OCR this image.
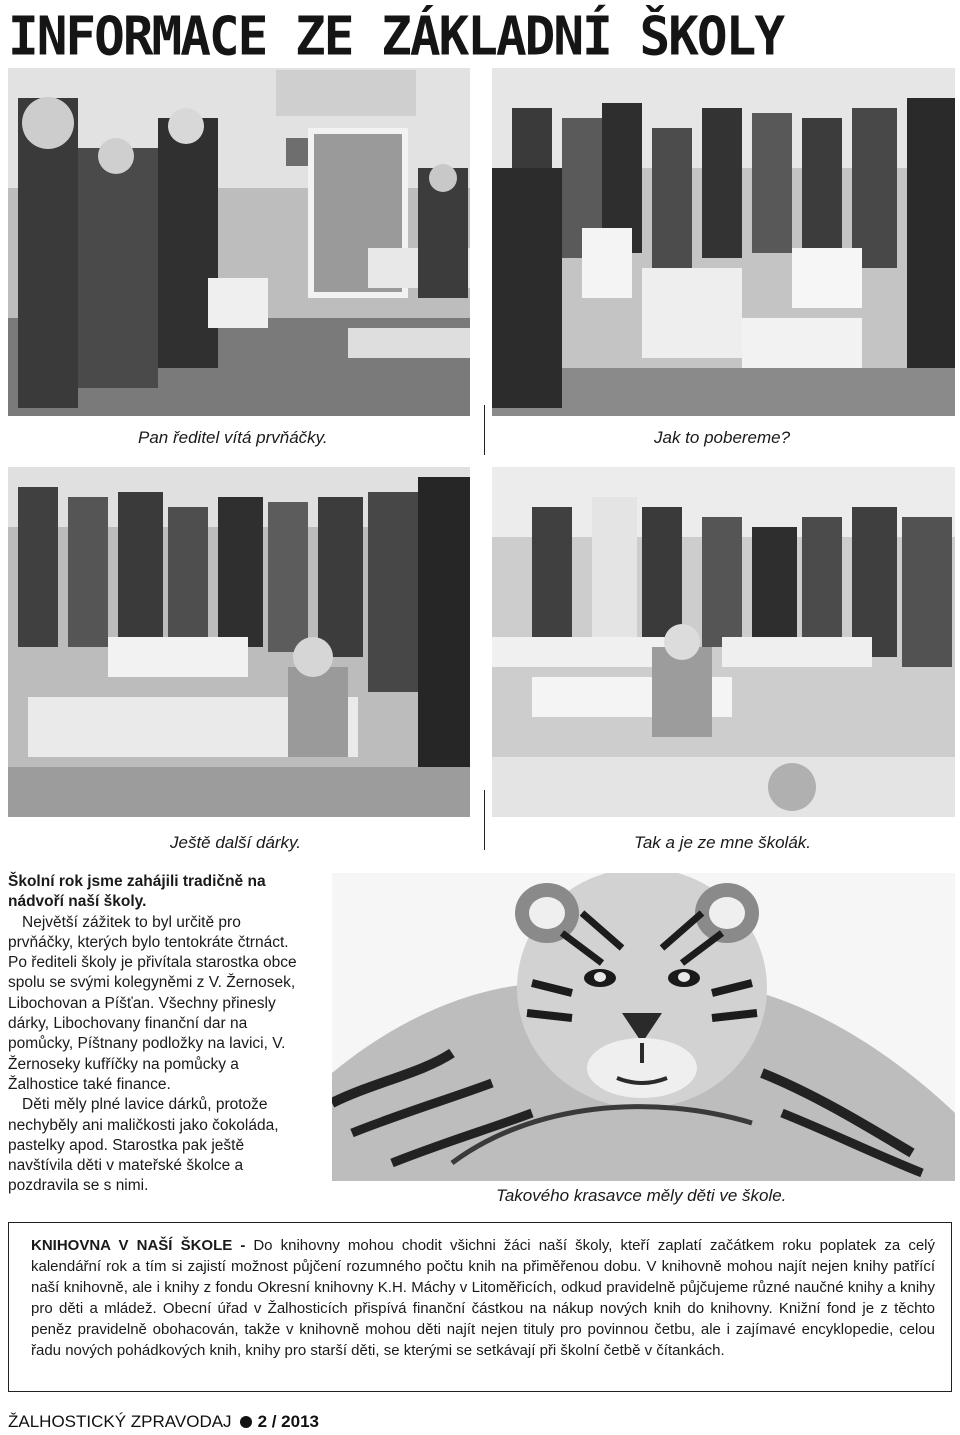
INFORMACE ZE ZÁKLADNÍ ŠKOLY
Pan ředitel vítá prvňáčky.	Jak to pobereme?
Ještě další dárky.	Tak a je ze mne školák.

Školní rok jsme zahájili tradičně na nádvoří naší školy.

Největší zážitek to byl určitě pro prvňáčky, kterých bylo tentokráte čtrnáct. Po řediteli školy je přivítala starostka obce spolu se svými kolegyněmi z V. Žernosek, Libochovan a Píšťan. Všechny přinesly dárky, Libochovany finanční dar na pomůcky, Píštnany podložky na lavici, V. Žernoseky kufříčky na pomůcky a Žalhostice také finance.

Děti měly plné lavice dárků, protože nechyběly ani maličkosti jako čokoláda, pastelky apod. Starostka pak ještě navštívila děti v mateřské školce a pozdravila se s nimi.

Takového krasavce měly děti ve škole.
KNIHOVNA V NAŠÍ ŠKOLE - Do knihovny mohou chodit všichni žáci naší školy, kteří zaplatí začátkem roku poplatek za celý kalendářní rok a tím si zajistí možnost půjčení rozumného počtu knih na přiměřenou dobu. V knihovně mohou najít nejen knihy patřící naší knihovně, ale i knihy z fondu Okresní knihovny K.H. Máchy v Litoměřicích, odkud pravidelně půjčujeme různé naučné knihy a knihy pro děti a mládež. Obecní úřad v Žalhosticích přispívá finanční částkou na nákup nových knih do knihovny. Knižní fond je z těchto peněz pravidelně obohacován, takže v knihovně mohou děti najít nejen tituly pro povinnou četbu, ale i zajímavé encyklopedie, celou řadu nových pohádkových knih, knihy pro starší děti, se kterými se setkávají při školní četbě v čítankách.
ŽALHOSTICKÝ ZPRAVODAJ 2 / 2013
